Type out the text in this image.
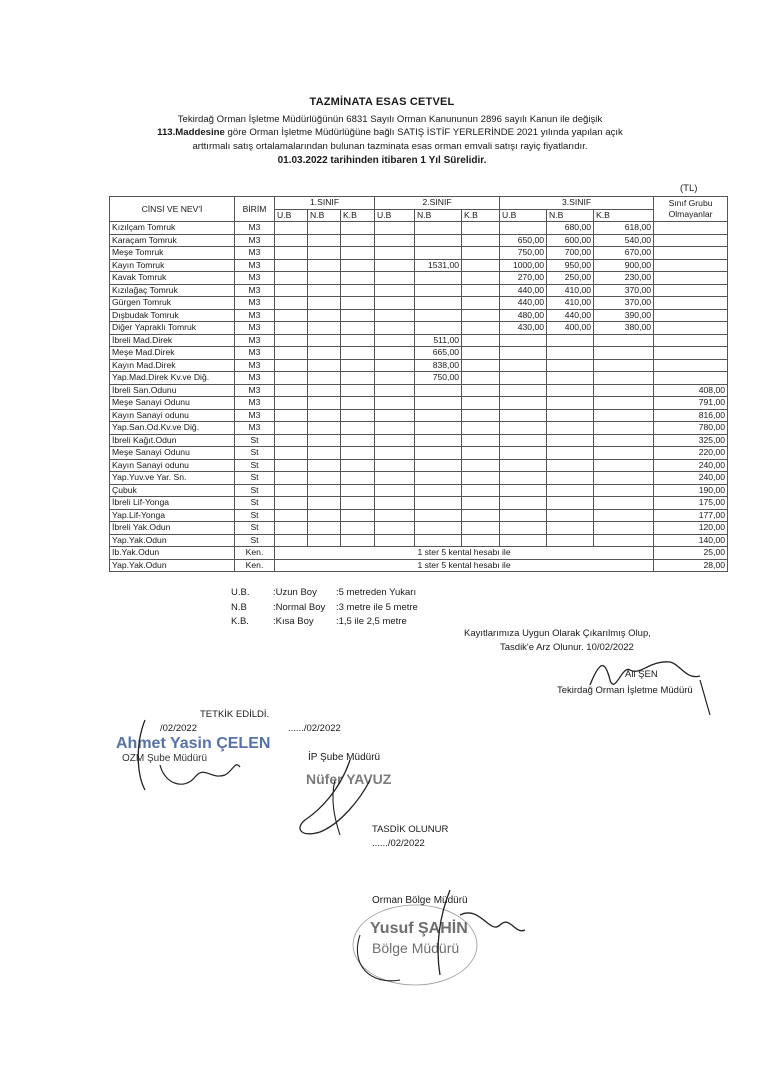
TAZMİNATA ESAS CETVEL
Tekirdağ Orman İşletme Müdürlüğünün 6831 Sayılı Orman Kanununun 2896 sayılı Kanun ile değişik
113.Maddesine göre Orman İşletme Müdürlüğüne bağlı SATIŞ İSTİF YERLERİNDE 2021 yılında yapılan açık
arttırmalı satış ortalamalarından bulunan tazminata esas orman emvali satışı rayiç fiyatlarıdır.
01.03.2022 tarihinden itibaren 1 Yıl Sürelidir.
(TL)
CİNSİ VE NEV'İ	BİRİM	1.SINIF			2.SINIF			3.SINIF			Sınıf Grubu Olmayanlar
		U.B	N.B	K.B	U.B	N.B	K.B	U.B	N.B	K.B	
Kızılçam Tomruk	M3								680,00	618,00	
Karaçam Tomruk	M3							650,00	600,00	540,00	
Meşe Tomruk	M3							750,00	700,00	670,00	
Kayın Tomruk	M3					1531,00		1000,00	950,00	900,00	
Kavak Tomruk	M3							270,00	250,00	230,00	
Kızılağaç Tomruk	M3							440,00	410,00	370,00	
Gürgen Tomruk	M3							440,00	410,00	370,00	
Dışbudak Tomruk	M3							480,00	440,00	390,00	
Diğer Yapraklı Tomruk	M3							430,00	400,00	380,00	
İbreli Mad.Direk	M3					511,00					
Meşe Mad.Direk	M3					665,00					
Kayın Mad.Direk	M3					838,00					
Yap.Mad.Direk Kv.ve Diğ.	M3					750,00					
İbreli San.Odunu	M3										408,00
Meşe Sanayi Odunu	M3										791,00
Kayın Sanayi odunu	M3										816,00
Yap.San.Od.Kv.ve Diğ.	M3										780,00
İbreli Kağıt.Odun	St										325,00
Meşe Sanayi Odunu	St										220,00
Kayın Sanayi odunu	St										240,00
Yap.Yuv.ve Yar. Sn.	St										240,00
Çubuk	St										190,00
İbreli Lif-Yonga	St										175,00
Yap.Lif-Yonga	St										177,00
İbreli Yak.Odun	St										120,00
Yap.Yak.Odun	St										140,00
Ib.Yak.Odun	Ken.	1 ster 5 kental hesabı ile									25,00
Yap.Yak.Odun	Ken.	1 ster 5 kental hesabı ile									28,00
U.B. :Uzun Boy :5 metreden Yukarı
N.B	:Normal Boy :3 metre ile 5 metre
K.B.	:Kısa Boy :1,5 ile 2,5 metre
Kayıtlarımıza Uygun Olarak Çıkarılmış Olup,
Tasdik'e Arz Olunur. 10/02/2022
Ali ŞEN
Tekirdağ Orman İşletme Müdürü
TETKİK EDİLDİ.
/02/2022	....../02/2022
Ahmet Yasin ÇELEN
OZM Şube Müdürü	İP Şube Müdürü
Nüfer YAVUZ
TASDİK OLUNUR
....../02/2022
Orman Bölge Müdürü
Yusuf ŞAHİN
Bölge Müdürü
